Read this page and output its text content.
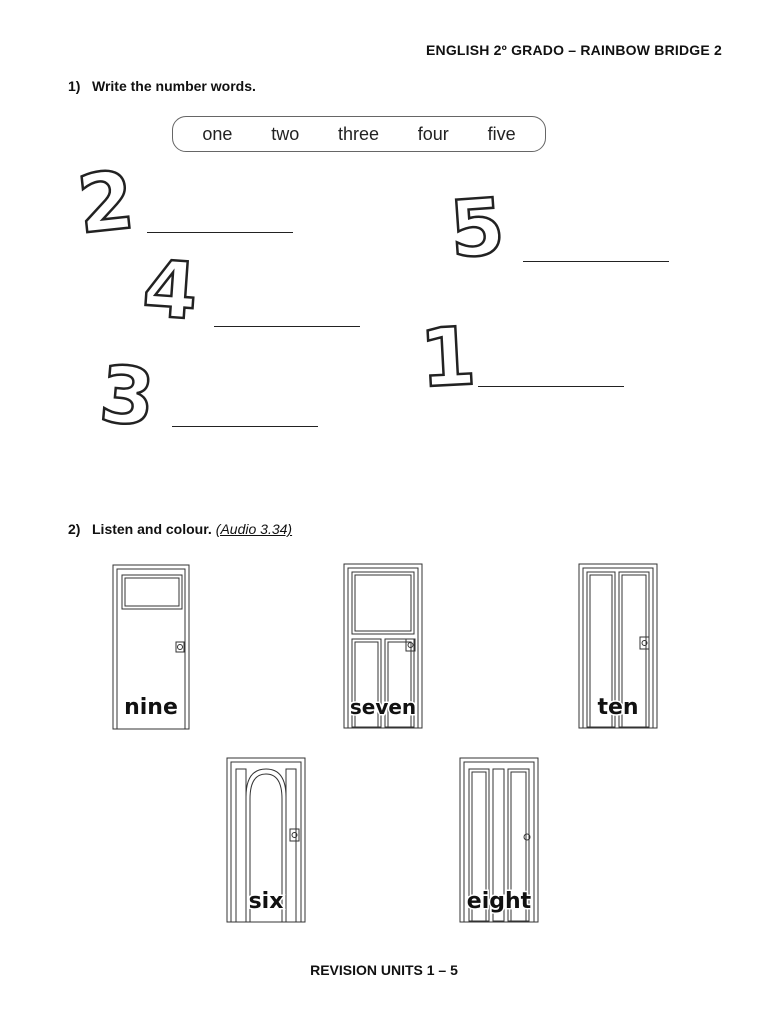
ENGLISH 2º GRADO – RAINBOW BRIDGE 2
1) Write the number words.
one two three four five
2	5
4
1
3
2) Listen and colour. (Audio 3.34)
nine	seven	ten
six	eight
REVISION UNITS 1 – 5
